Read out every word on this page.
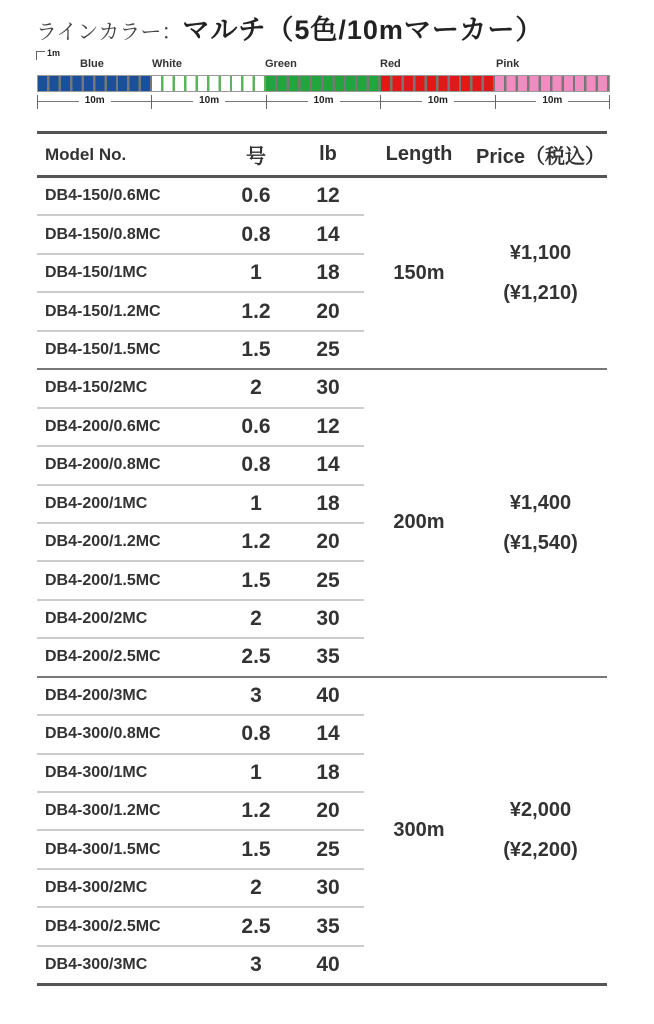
ラインカラー：マルチ（5色/10mマーカー）
1m
Blue	White	Green	Red	Pink
10m	10m	10m	10m	10m
Model No.	号	lb	Length	Price（税込）
DB4-150/0.6MC	0.6	12	150m	¥1,100
(¥1,210)

DB4-150/0.8MC	0.8	14		
DB4-150/1MC	1	18		
DB4-150/1.2MC	1.2	20		
DB4-150/1.5MC	1.5	25		
DB4-150/2MC	2	30	200m	¥1,400
(¥1,540)

DB4-200/0.6MC	0.6	12		
DB4-200/0.8MC	0.8	14		
DB4-200/1MC	1	18		
DB4-200/1.2MC	1.2	20		
DB4-200/1.5MC	1.5	25		
DB4-200/2MC	2	30		
DB4-200/2.5MC	2.5	35		
DB4-200/3MC	3	40	300m	¥2,000
(¥2,200)

DB4-300/0.8MC	0.8	14		
DB4-300/1MC	1	18		
DB4-300/1.2MC	1.2	20		
DB4-300/1.5MC	1.5	25		
DB4-300/2MC	2	30		
DB4-300/2.5MC	2.5	35		
DB4-300/3MC	3	40		
